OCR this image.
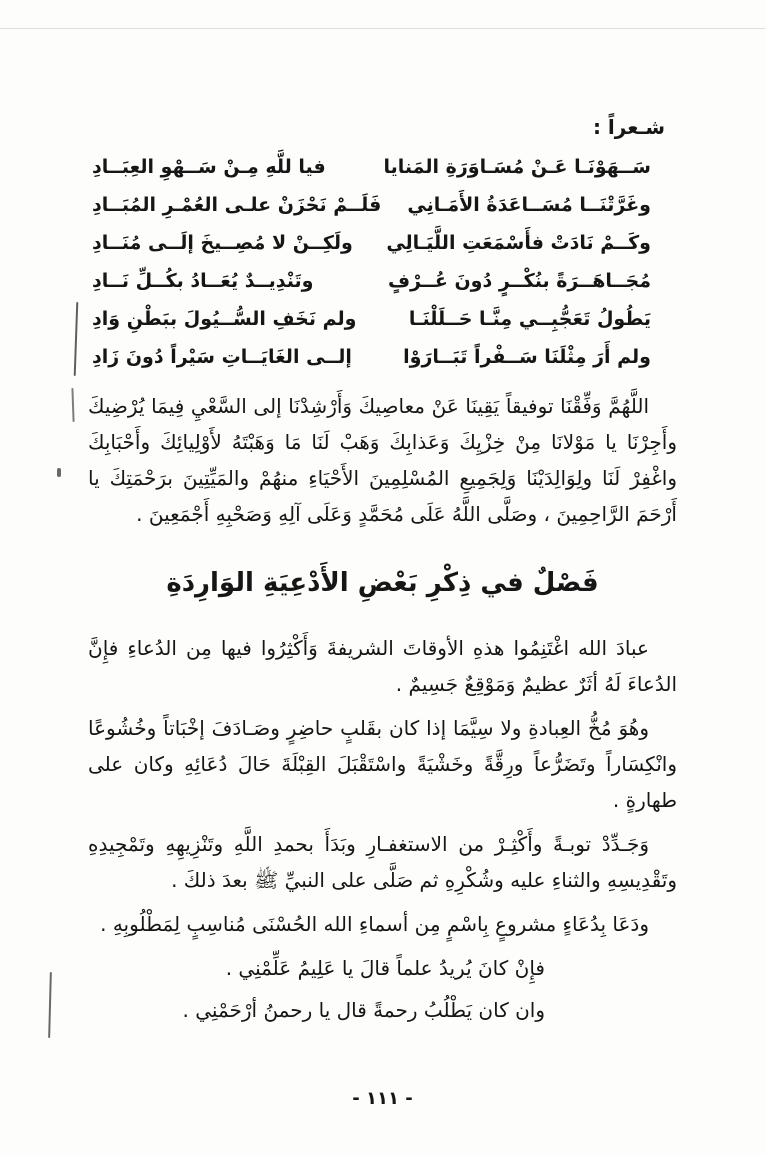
شـعراً :
سَــهَوْنَـا عَـنْ مُسَـاوَرَةِ المَنايا
فيا للَّهِ مِـنْ سَــهْوِ العِبَــادِ
وغَرَّتْنَــا مُسَــاعَدَةُ الأَمَـانِي
فَلَــمْ نَحْزَنْ علـى العُمْـرِ المُبَــادِ
وكَــمْ نَادَتْ فأَسْمَعَتِ اللَّيَـالِي
ولَكِــنْ لا مُصِــيخَ إلَــى مُنَــادِ
مُجَــاهَــرَةً بنُكْــرٍ دُونَ عُــرْفٍ
وتَنْدِيــدٌ يُعَــادُ بكُــلِّ نَــادِ
يَطُولُ تَعَجُّبِــي مِنَّـا حَــلَلْنَـا
ولم نَخَفِ السُّــيُولَ ببَطْنِ وَادِ
ولم أَرَ مِثْلَنَا سَــفْراً تَبَــارَوْا
إلــى الغَايَــاتِ سَيْراً دُونَ زَادِ

اللَّهُمَّ وَفِّقْنَا توفيقاً يَقِينَا عَنْ معاصِيكَ وَأَرْشِدْنَا إلى السَّعْيِ فِيمَا يُرْضِيكَ وأَجِرْنَا يا مَوْلانَا مِنْ خِزْيِكَ وَعَذابِكَ وَهَبْ لَنَا مَا وَهَبْتَهُ لأَوْلِيائِكَ وأَحْبَابِكَ واغْفِرْ لَنَا ولِوَالِدَيْنَا وَلِجَمِيعِ المُسْلِمِينَ الأَحْيَاءِ منهُمْ والمَيِّتِينَ برَحْمَتِكَ يا أَرْحَمَ الرَّاحِمِينَ ، وصَلَّى اللَّهُ عَلَى مُحَمَّدٍ وَعَلَى آلِهِ وَصَحْبِهِ أَجْمَعِينَ .

فَصْلٌ في ذِكْرِ بَعْضِ الأَدْعِيَةِ الوَارِدَةِ

عبادَ الله اغْتَنِمُوا هذهِ الأوقاتَ الشريفةَ وَأَكْثِرُوا فيها مِن الدُعاءِ فإِنَّ الدُعاءَ لَهُ أثَرٌ عظيمٌ وَمَوْقِعٌ جَسِيمٌ .

وهُوَ مُخُّ العِبادةِ ولا سِيَّمَا إذا كان بقَلبٍ حاضِرٍ وصَـادَفَ إخْبَاتاً وخُشُوعًا وانْكِسَاراً وتَضَرُّعاً ورِقَّةً وخَشْيَةً واسْتَقْبَلَ القِبْلَةَ حَالَ دُعَائِهِ وكان على طهارةٍ .

وَجَـدِّدْ توبـةً وأَكْثِـرْ من الاستغفـارِ وبَدَأَ بحمدِ اللَّهِ وتَنْزِيهِهِ وتَمْجِيدِهِ وتَقْدِيسِهِ والثناءِ عليه وشُكْرِهِ ثم صَلَّى على النبيِّ ﷺ بعدَ ذلكَ .

ودَعَا بِدُعَاءٍ مشروعٍ بِاسْمٍ مِن أسماءِ الله الحُسْنَى مُناسِبٍ لِمَطْلُوبِهِ .

فإِنْ كانَ يُريدُ علماً قالَ يا عَلِيمُ عَلِّمْنِي .

وان كان يَطْلُبُ رحمةً قال يا رحمنُ أرْحَمْنِي .

- ١١١ -
